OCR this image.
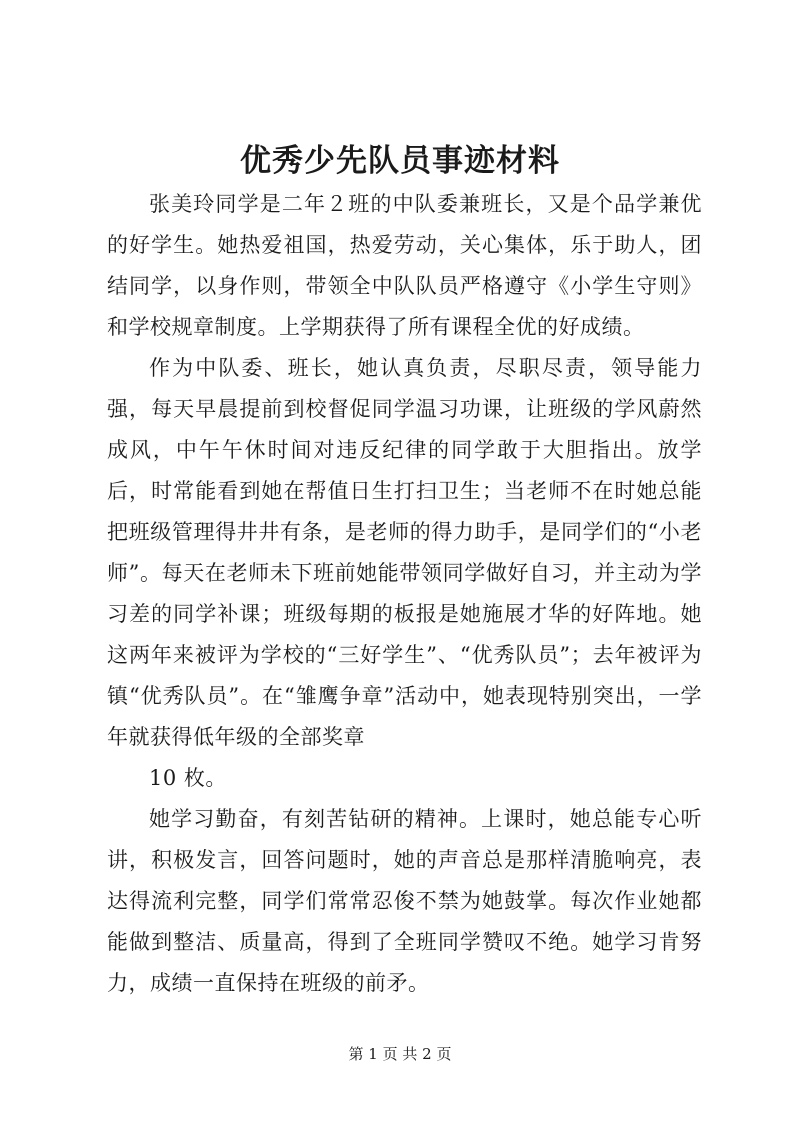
优秀少先队员事迹材料

张美玲同学是二年２班的中队委兼班长，又是个品学兼优的好学生。她热爱祖国，热爱劳动，关心集体，乐于助人，团结同学，以身作则，带领全中队队员严格遵守《小学生守则》和学校规章制度。上学期获得了所有课程全优的好成绩。

作为中队委、班长，她认真负责，尽职尽责，领导能力强，每天早晨提前到校督促同学温习功课，让班级的学风蔚然成风，中午午休时间对违反纪律的同学敢于大胆指出。放学后，时常能看到她在帮值日生打扫卫生；当老师不在时她总能把班级管理得井井有条，是老师的得力助手，是同学们的“小老师”。每天在老师未下班前她能带领同学做好自习，并主动为学习差的同学补课；班级每期的板报是她施展才华的好阵地。她这两年来被评为学校的“三好学生”、“优秀队员”；去年被评为镇“优秀队员”。在“雏鹰争章”活动中，她表现特别突出，一学年就获得低年级的全部奖章

10 枚。

她学习勤奋，有刻苦钻研的精神。上课时，她总能专心听讲，积极发言，回答问题时，她的声音总是那样清脆响亮，表达得流利完整，同学们常常忍俊不禁为她鼓掌。每次作业她都能做到整洁、质量高，得到了全班同学赞叹不绝。她学习肯努力，成绩一直保持在班级的前矛。

第 1 页 共 2 页
